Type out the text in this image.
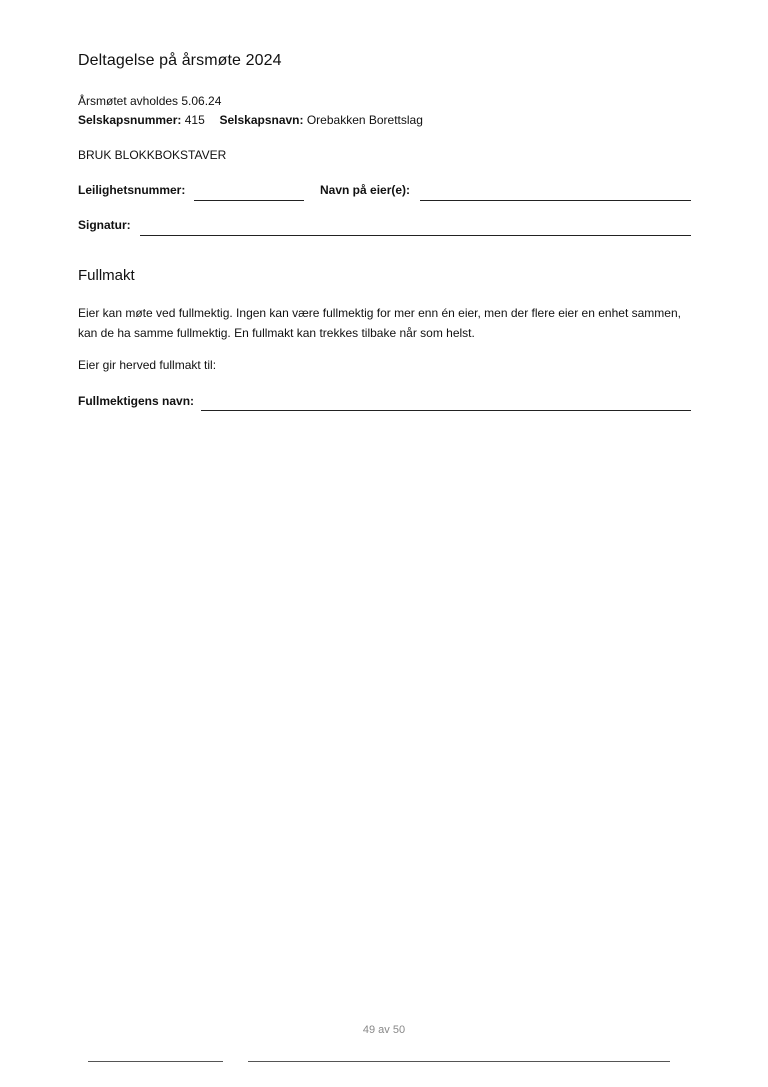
Deltagelse på årsmøte 2024
Årsmøtet avholdes 5.06.24
Selskapsnummer: 415 Selskapsnavn: Orebakken Borettslag
BRUK BLOKKBOKSTAVER
Leilighetsnummer:	Navn på eier(e):
Signatur:
Fullmakt
Eier kan møte ved fullmektig. Ingen kan være fullmektig for mer enn én eier, men der flere eier en enhet sammen, kan de ha samme fullmektig. En fullmakt kan trekkes tilbake når som helst.
Eier gir herved fullmakt til:
Fullmektigens navn:
49 av 50
